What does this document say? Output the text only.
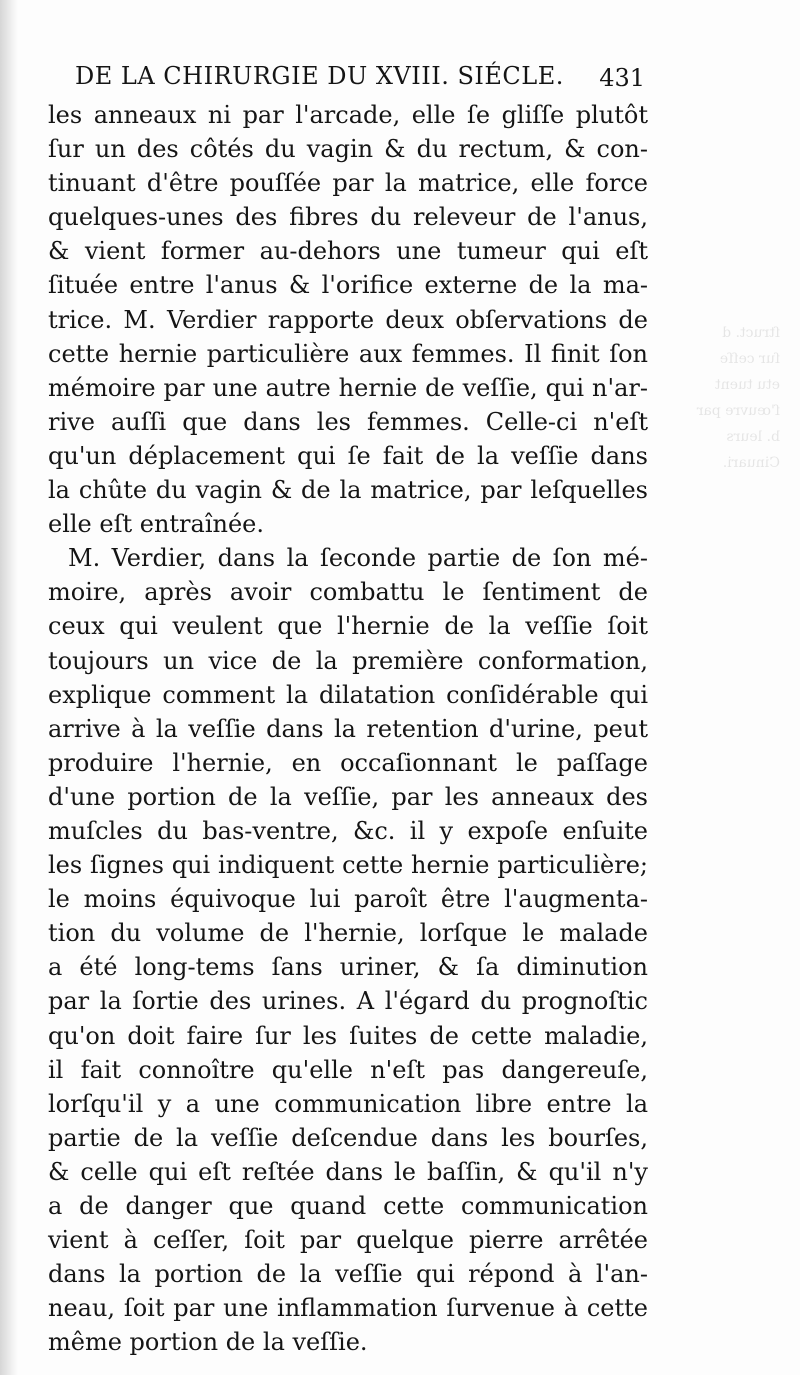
ſtruct. d
ſur ceſſe
etu tuent
ſ'œuvre par
b. leurs
Cinuari.
DE LA CHIRURGIE DU XVIII. SIÉCLE. 431
les anneaux ni par l'arcade, elle ſe gliſſe plutôt
ſur un des côtés du vagin & du rectum, & con-
tinuant d'être pouſſée par la matrice, elle force
quelques-unes des fibres du releveur de l'anus,
& vient former au-dehors une tumeur qui eſt
ſituée entre l'anus & l'orifice externe de la ma-
trice. M. Verdier rapporte deux obſervations de
cette hernie particulière aux femmes. Il finit ſon
mémoire par une autre hernie de veſſie, qui n'ar-
rive auſſi que dans les femmes. Celle-ci n'eſt
qu'un déplacement qui ſe fait de la veſſie dans
la chûte du vagin & de la matrice, par leſquelles
elle eſt entraînée.
M. Verdier, dans la ſeconde partie de ſon mé-
moire, après avoir combattu le ſentiment de
ceux qui veulent que l'hernie de la veſſie ſoit
toujours un vice de la première conformation,
explique comment la dilatation conſidérable qui
arrive à la veſſie dans la retention d'urine, peut
produire l'hernie, en occaſionnant le paſſage
d'une portion de la veſſie, par les anneaux des
muſcles du bas-ventre, &c. il y expoſe enſuite
les ſignes qui indiquent cette hernie particulière;
le moins équivoque lui paroît être l'augmenta-
tion du volume de l'hernie, lorſque le malade
a été long-tems ſans uriner, & ſa diminution
par la ſortie des urines. A l'égard du prognoſtic
qu'on doit faire ſur les ſuites de cette maladie,
il fait connoître qu'elle n'eſt pas dangereuſe,
lorſqu'il y a une communication libre entre la
partie de la veſſie deſcendue dans les bourſes,
& celle qui eſt reſtée dans le baſſin, & qu'il n'y
a de danger que quand cette communication
vient à ceſſer, ſoit par quelque pierre arrêtée
dans la portion de la veſſie qui répond à l'an-
neau, ſoit par une inflammation ſurvenue à cette
même portion de la veſſie.
